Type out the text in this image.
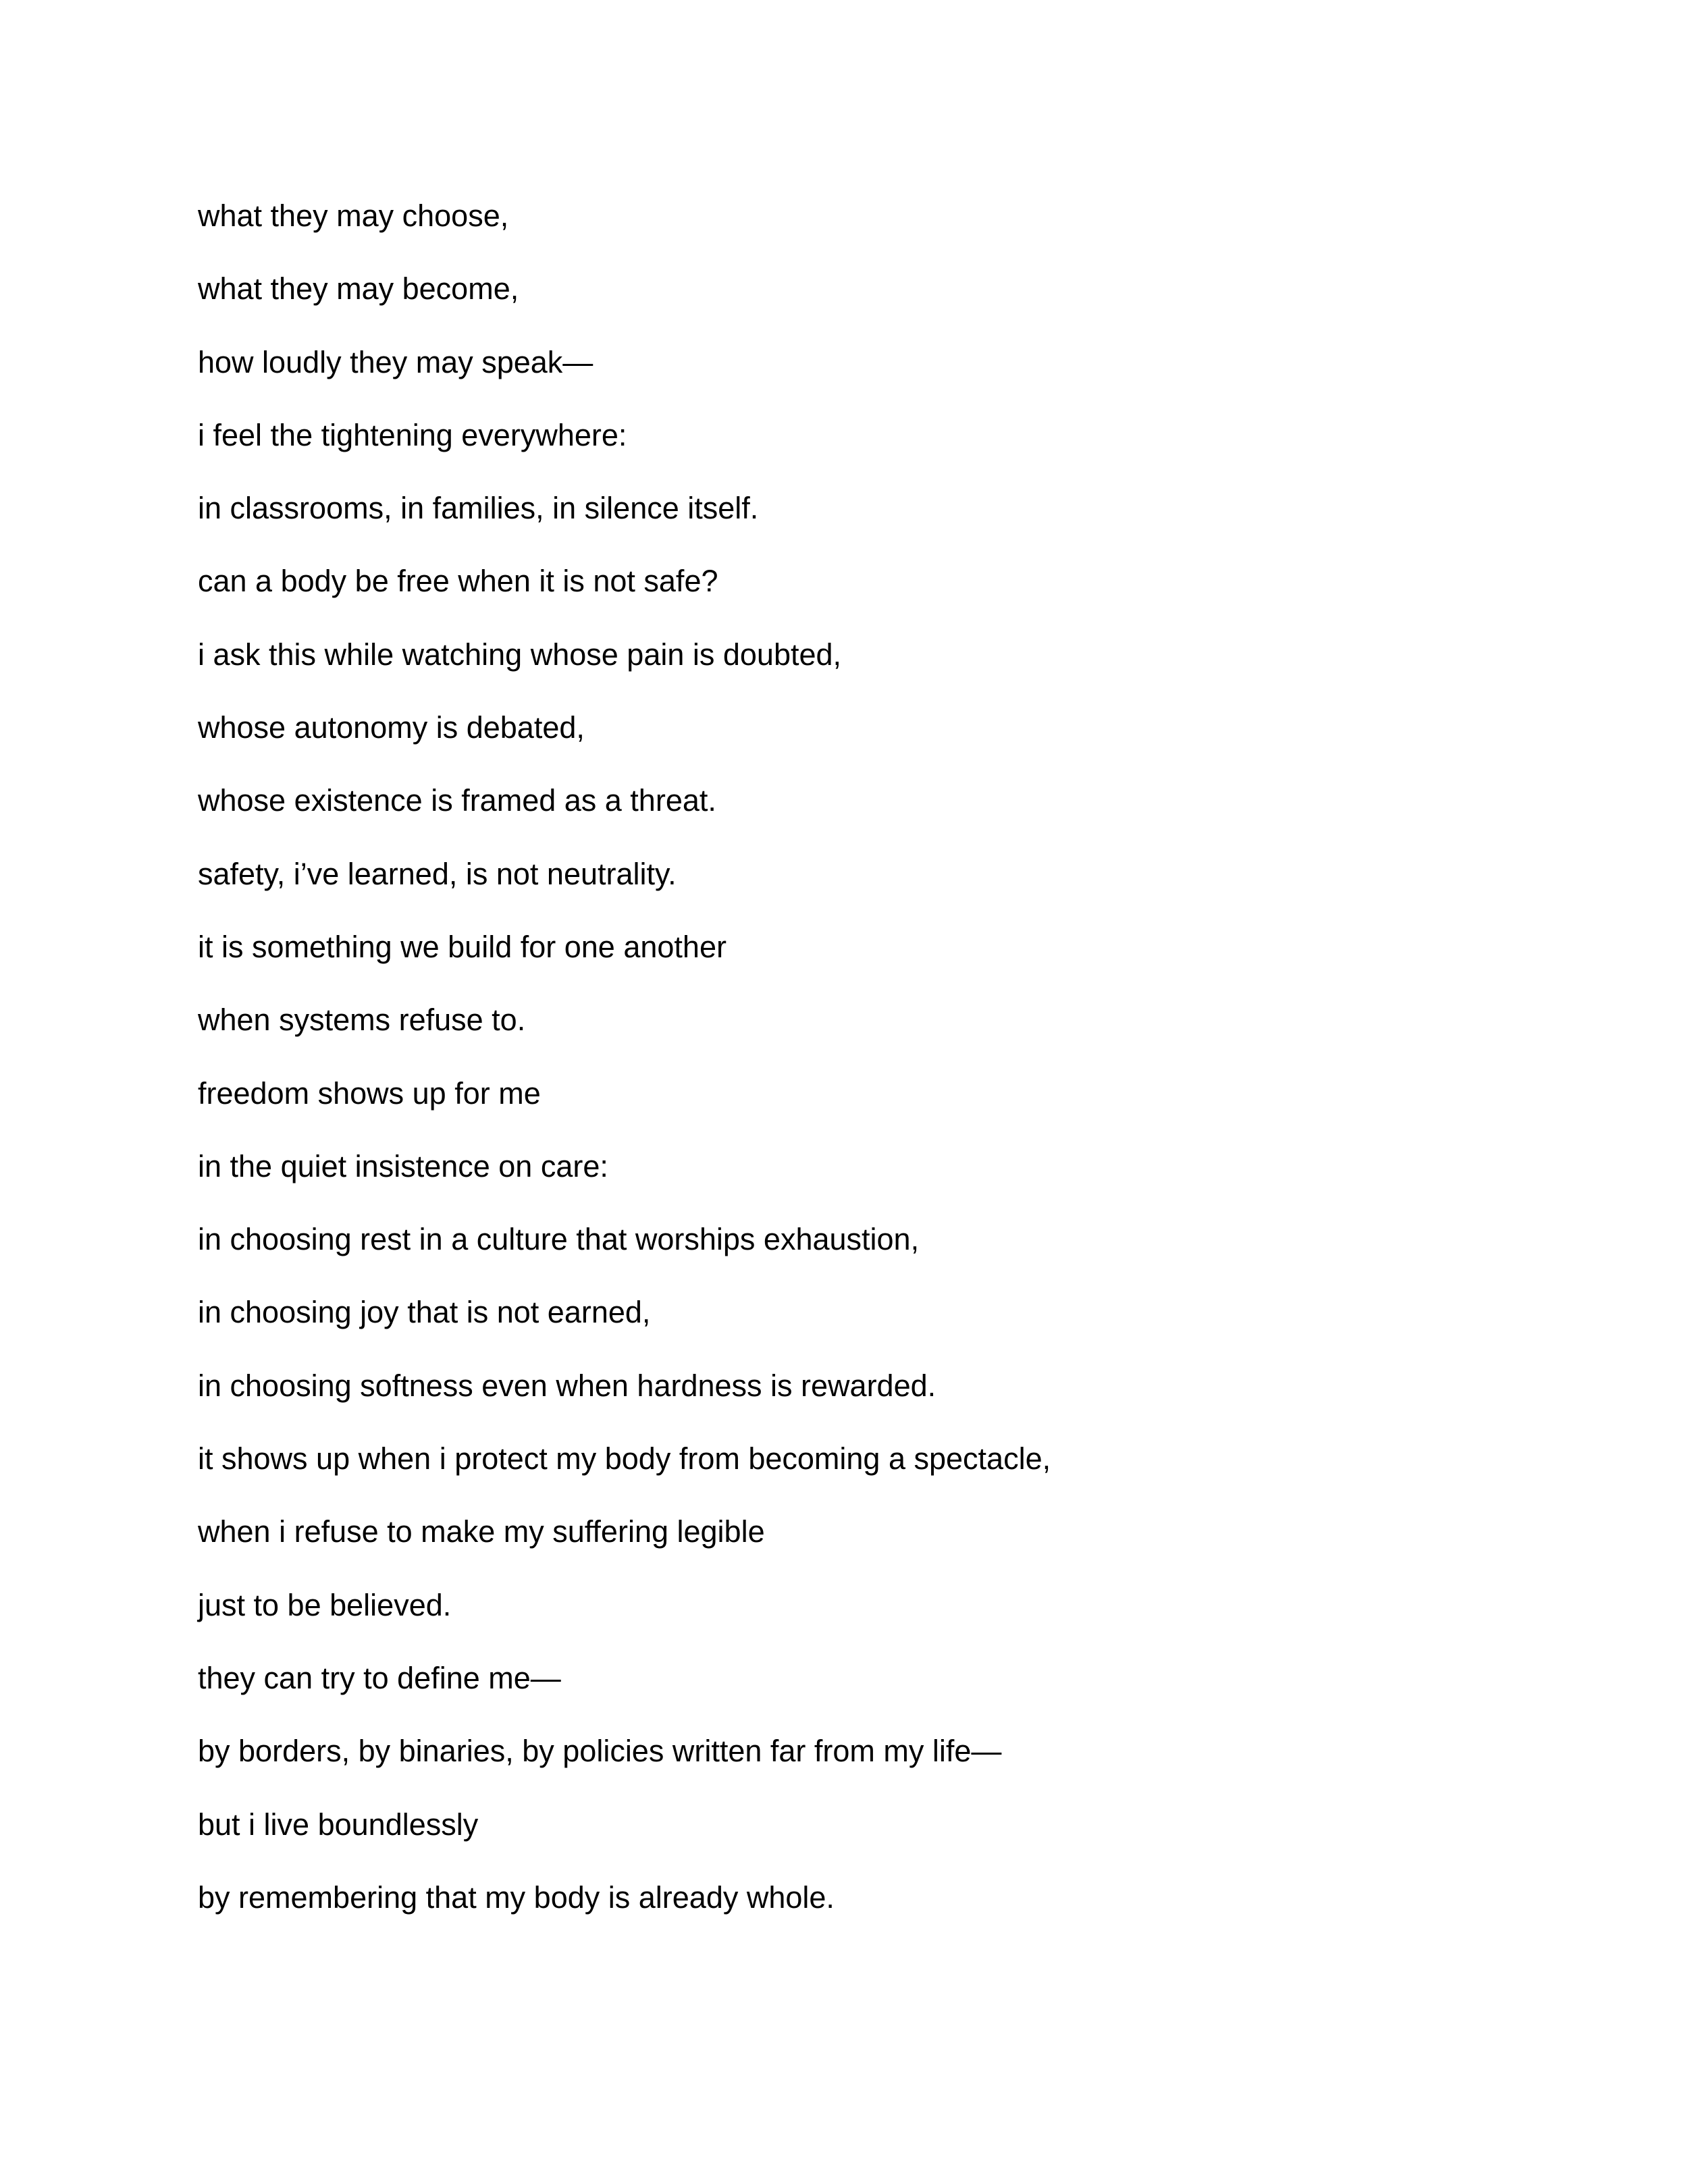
what they may choose,
what they may become,
how loudly they may speak—
i feel the tightening everywhere:
in classrooms, in families, in silence itself.
can a body be free when it is not safe?
i ask this while watching whose pain is doubted,
whose autonomy is debated,
whose existence is framed as a threat.
safety, i’ve learned, is not neutrality.
it is something we build for one another
when systems refuse to.
freedom shows up for me
in the quiet insistence on care:
in choosing rest in a culture that worships exhaustion,
in choosing joy that is not earned,
in choosing softness even when hardness is rewarded.
it shows up when i protect my body from becoming a spectacle,
when i refuse to make my suffering legible
just to be believed.
they can try to define me—
by borders, by binaries, by policies written far from my life—
but i live boundlessly
by remembering that my body is already whole.
